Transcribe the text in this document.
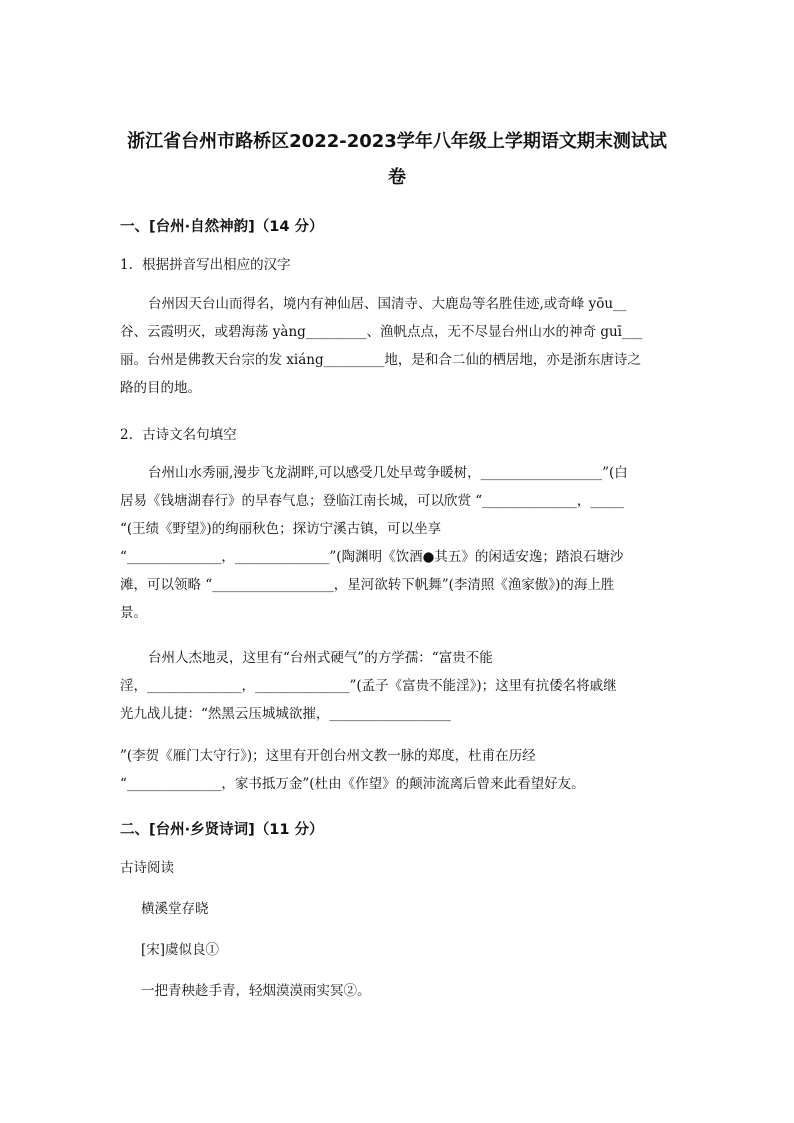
浙江省台州市路桥区2022-2023学年八年级上学期语文期末测试试
卷
一、[台州·自然神韵]（14 分）
1．根据拼音写出相应的汉字
台州因天台山而得名，境内有神仙居、国清寺、大鹿岛等名胜佳迹,或奇峰 yōu__
谷、云霞明灭，或碧海荡 yàng_________、渔帆点点，无不尽显台州山水的神奇 guī___
丽。台州是佛教天台宗的发 xiáng_________地，是和合二仙的栖居地，亦是浙东唐诗之
路的目的地。
2．古诗文名句填空
台州山水秀丽,漫步飞龙湖畔,可以感受几处早莺争暖树，__________________”(白
居易《钱塘湖春行》的早春气息；登临江南长城，可以欣赏 “______________，_____
“(王绩《野望》)的绚丽秋色；探访宁溪古镇，可以坐享
“______________，______________”(陶渊明《饮酒●其五》的闲适安逸；踏浪石塘沙
滩，可以领略 “__________________，星河欲转下帆舞”(李清照《渔家傲》)的海上胜
景。
台州人杰地灵，这里有“台州式硬气”的方学孺：“富贵不能
淫，______________，______________”(孟子《富贵不能淫》)；这里有抗倭名将戚继
光九战儿捷：“然黑云压城城欲摧，__________________
”(李贺《雁门太守行》)；这里有开创台州文教一脉的郑度，杜甫在历经
“______________，家书抵万金”(杜由《作望》的颠沛流离后曾来此看望好友。
二、[台州·乡贤诗词]（11 分）
古诗阅读
横溪堂存晓
[宋]虞似良①
一把青秧趁手青，轻烟漠漠雨实冥②。
